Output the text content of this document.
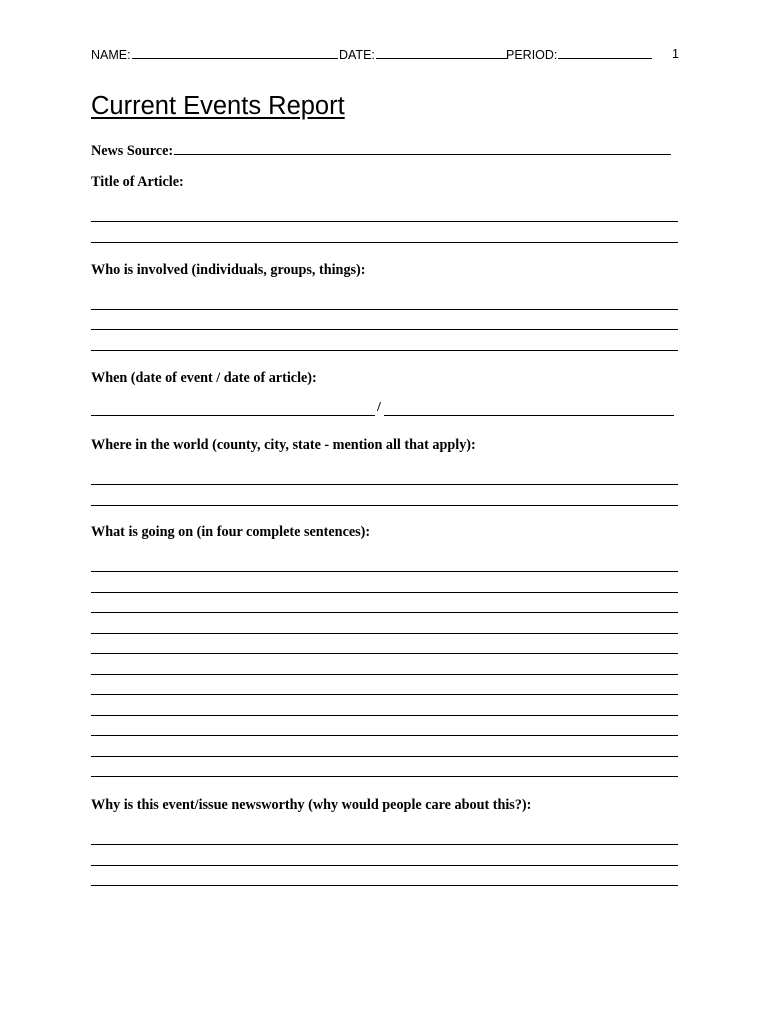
NAME:	DATE:	PERIOD:	1
Current Events Report
News Source:
Title of Article:
Who is involved (individuals, groups, things):
When (date of event / date of article):
/
Where in the world (county, city, state - mention all that apply):
What is going on (in four complete sentences):
Why is this event/issue newsworthy (why would people care about this?):
